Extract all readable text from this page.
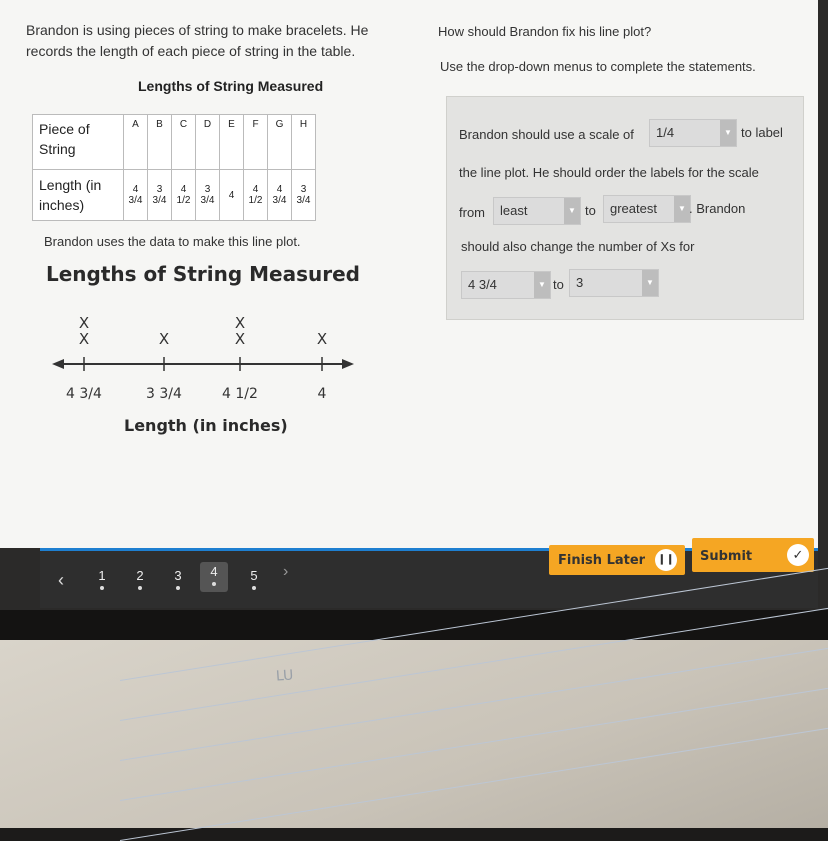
Brandon is using pieces of string to make bracelets. He records the length of each piece of string in the table.
Lengths of String Measured
Piece of String	A	B	C	D	E	F	G	H
Length (in inches)	4 3/4	3 3/4	4 1/2	3 3/4	4	4 1/2	4 3/4	3 3/4
Brandon uses the data to make this line plot.
Lengths of String Measured
4 3/4
X
X
3 3/4
X
4 1/2
X
X
4
X
Length (in inches)
How should Brandon fix his line plot?
Use the drop-down menus to complete the statements.
Brandon should use a scale of 1/4	▼ to label
the line plot. He should order the labels for the scale
from least	▼ to greatest	▼ . Brandon
should also change the number of Xs for
4 3/4	▼ to 3	▼
Finish Later ❙❙ Submit	✓
‹	1	2	3	4	5	›
LU
